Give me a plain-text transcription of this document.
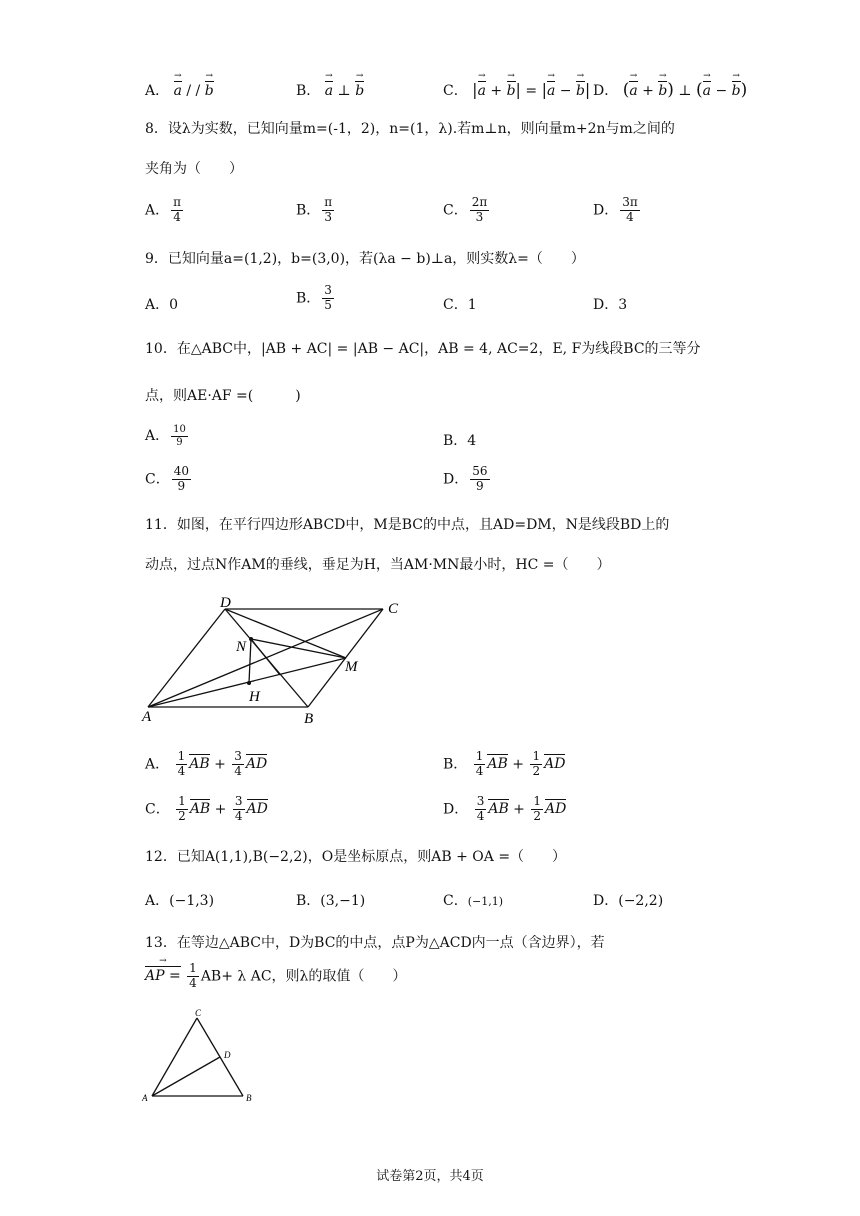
A． a → / / b →	B． a → ⊥ b →	C． |a → + b →| = |a → − b →| D． (a → + b →) ⊥ (a → − b →)
8．设λ为实数，已知向量m=(-1，2)，n=(1，λ).若m⊥n，则向量m+2n与m之间的
夹角为（　　）
A． $\frac{\pi}{4}$	B． $\frac{\pi}{3}$	C． $\frac{2\pi}{3}$	D． $\frac{3\pi}{4}$
9．已知向量a=(1,2)，b=(3,0)，若(λa − b)⊥a，则实数λ=（　　）
A．0	B． $\frac{3}{5}$	C．1	D．3
10．在△ABC中，|AB + AC| = |AB − AC|，AB = 4, AC=2，E, F为线段BC的三等分
点，则AE·AF =(　　　)
A． $\frac{10}{9}$	B．4
C． $\frac{40}{9}$	D． $\frac{56}{9}$
11．如图，在平行四边形ABCD中，M是BC的中点，且AD=DM，N是线段BD上的
动点，过点N作AM的垂线，垂足为H，当AM·MN最小时，HC =（　　）
D	C
N
M
H
A	B
A． $\frac{1}{4}$ AB + $\frac{3}{4}$ AD	B． $\frac{1}{4}$ AB + $\frac{1}{2}$ AD
C． $\frac{1}{2}$ AB + $\frac{3}{4}$ AD	D． $\frac{3}{4}$ AB + $\frac{1}{2}$ AD
12．已知A(1,1),B(−2,2)，O是坐标原点，则AB + OA =（　　）
A．(−1,3)	B．(3,−1)	C．(−1,1)	D．(−2,2)
13．在等边△ABC中，D为BC的中点，点P为△ACD内一点（含边界），若
AP = → $\frac{1}{4} AB+ \lambda$ AC，则λ的取值（　　）
C
D
A	B
试卷第2页，共4页
